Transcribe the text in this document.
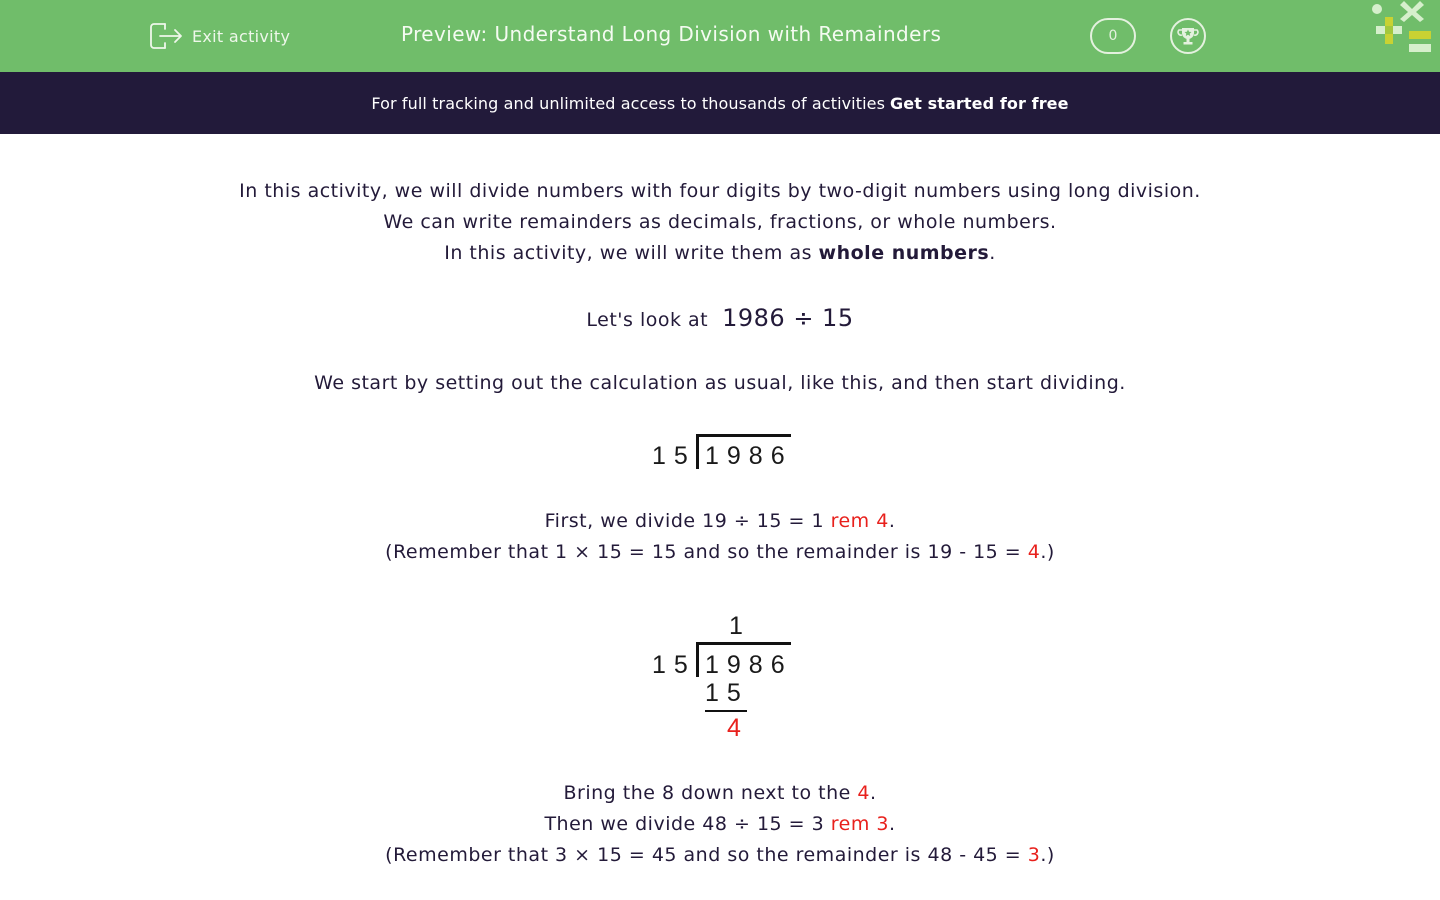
Exit activity	Preview: Understand Long Division with Remainders	0
For full tracking and unlimited access to thousands of activities Get started for free
In this activity, we will divide numbers with four digits by two-digit numbers using long division.
We can write remainders as decimals, fractions, or whole numbers.
In this activity, we will write them as whole numbers.
Let's look at 1986 ÷ 15
We start by setting out the calculation as usual, like this, and then start dividing.
15 1986
First, we divide 19 ÷ 15 = 1 rem 4.
(Remember that 1 × 15 = 15 and so the remainder is 19 - 15 = 4.)
1
15 1986
15
4
Bring the 8 down next to the 4.
Then we divide 48 ÷ 15 = 3 rem 3.
(Remember that 3 × 15 = 45 and so the remainder is 48 - 45 = 3.)
